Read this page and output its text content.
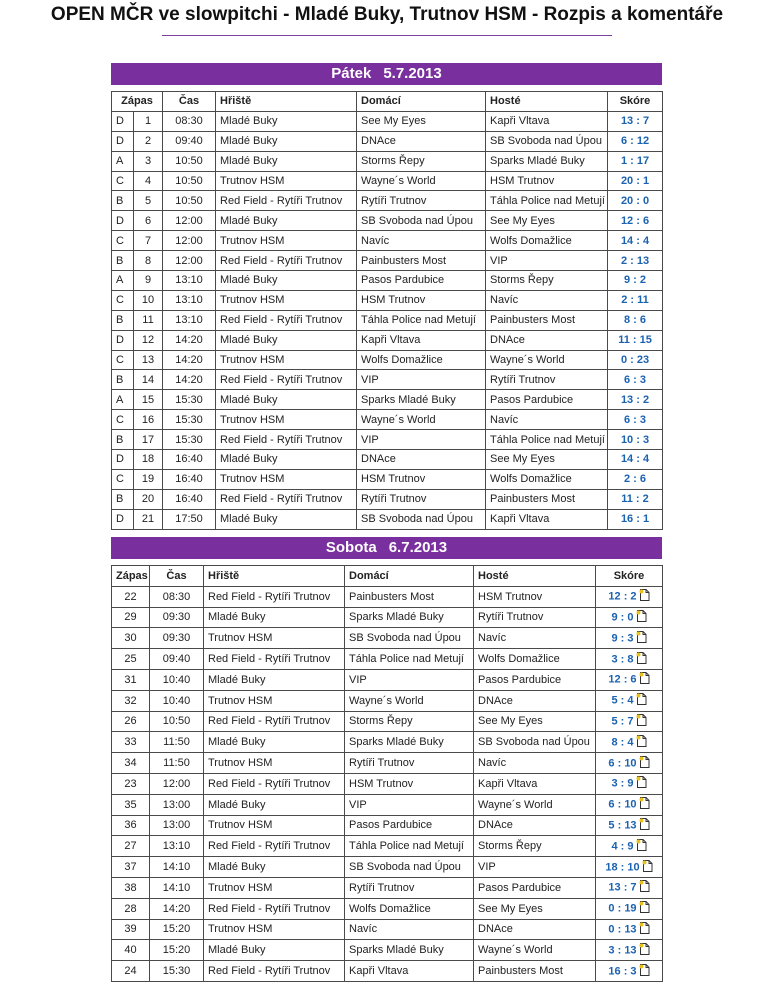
OPEN MČR ve slowpitchi - Mladé Buky, Trutnov HSM - Rozpis a komentáře
Pátek 5.7.2013
Zápas		Čas	Hřiště	Domácí	Hosté	Skóre
D	1	08:30	Mladé Buky	See My Eyes	Kapři Vltava	13 : 7
D	2	09:40	Mladé Buky	DNAce	SB Svoboda nad Úpou	6 : 12
A	3	10:50	Mladé Buky	Storms Řepy	Sparks Mladé Buky	1 : 17
C	4	10:50	Trutnov HSM	Wayne´s World	HSM Trutnov	20 : 1
B	5	10:50	Red Field - Rytíři Trutnov	Rytíři Trutnov	Táhla Police nad Metují	20 : 0
D	6	12:00	Mladé Buky	SB Svoboda nad Úpou	See My Eyes	12 : 6
C	7	12:00	Trutnov HSM	Navíc	Wolfs Domažlice	14 : 4
B	8	12:00	Red Field - Rytíři Trutnov	Painbusters Most	VIP	2 : 13
A	9	13:10	Mladé Buky	Pasos Pardubice	Storms Řepy	9 : 2
C	10	13:10	Trutnov HSM	HSM Trutnov	Navíc	2 : 11
B	11	13:10	Red Field - Rytíři Trutnov	Táhla Police nad Metují	Painbusters Most	8 : 6
D	12	14:20	Mladé Buky	Kapři Vltava	DNAce	11 : 15
C	13	14:20	Trutnov HSM	Wolfs Domažlice	Wayne´s World	0 : 23
B	14	14:20	Red Field - Rytíři Trutnov	VIP	Rytíři Trutnov	6 : 3
A	15	15:30	Mladé Buky	Sparks Mladé Buky	Pasos Pardubice	13 : 2
C	16	15:30	Trutnov HSM	Wayne´s World	Navíc	6 : 3
B	17	15:30	Red Field - Rytíři Trutnov	VIP	Táhla Police nad Metují	10 : 3
D	18	16:40	Mladé Buky	DNAce	See My Eyes	14 : 4
C	19	16:40	Trutnov HSM	HSM Trutnov	Wolfs Domažlice	2 : 6
B	20	16:40	Red Field - Rytíři Trutnov	Rytíři Trutnov	Painbusters Most	11 : 2
D	21	17:50	Mladé Buky	SB Svoboda nad Úpou	Kapři Vltava	16 : 1
Sobota 6.7.2013
Zápas	Čas	Hřiště	Domácí	Hosté	Skóre
22	08:30	Red Field - Rytíři Trutnov	Painbusters Most	HSM Trutnov	12 : 2
29	09:30	Mladé Buky	Sparks Mladé Buky	Rytíři Trutnov	9 : 0
30	09:30	Trutnov HSM	SB Svoboda nad Úpou	Navíc	9 : 3
25	09:40	Red Field - Rytíři Trutnov	Táhla Police nad Metují	Wolfs Domažlice	3 : 8
31	10:40	Mladé Buky	VIP	Pasos Pardubice	12 : 6
32	10:40	Trutnov HSM	Wayne´s World	DNAce	5 : 4
26	10:50	Red Field - Rytíři Trutnov	Storms Řepy	See My Eyes	5 : 7
33	11:50	Mladé Buky	Sparks Mladé Buky	SB Svoboda nad Úpou	8 : 4
34	11:50	Trutnov HSM	Rytíři Trutnov	Navíc	6 : 10
23	12:00	Red Field - Rytíři Trutnov	HSM Trutnov	Kapři Vltava	3 : 9
35	13:00	Mladé Buky	VIP	Wayne´s World	6 : 10
36	13:00	Trutnov HSM	Pasos Pardubice	DNAce	5 : 13
27	13:10	Red Field - Rytíři Trutnov	Táhla Police nad Metují	Storms Řepy	4 : 9
37	14:10	Mladé Buky	SB Svoboda nad Úpou	VIP	18 : 10
38	14:10	Trutnov HSM	Rytíři Trutnov	Pasos Pardubice	13 : 7
28	14:20	Red Field - Rytíři Trutnov	Wolfs Domažlice	See My Eyes	0 : 19
39	15:20	Trutnov HSM	Navíc	DNAce	0 : 13
40	15:20	Mladé Buky	Sparks Mladé Buky	Wayne´s World	3 : 13
24	15:30	Red Field - Rytíři Trutnov	Kapři Vltava	Painbusters Most	16 : 3
